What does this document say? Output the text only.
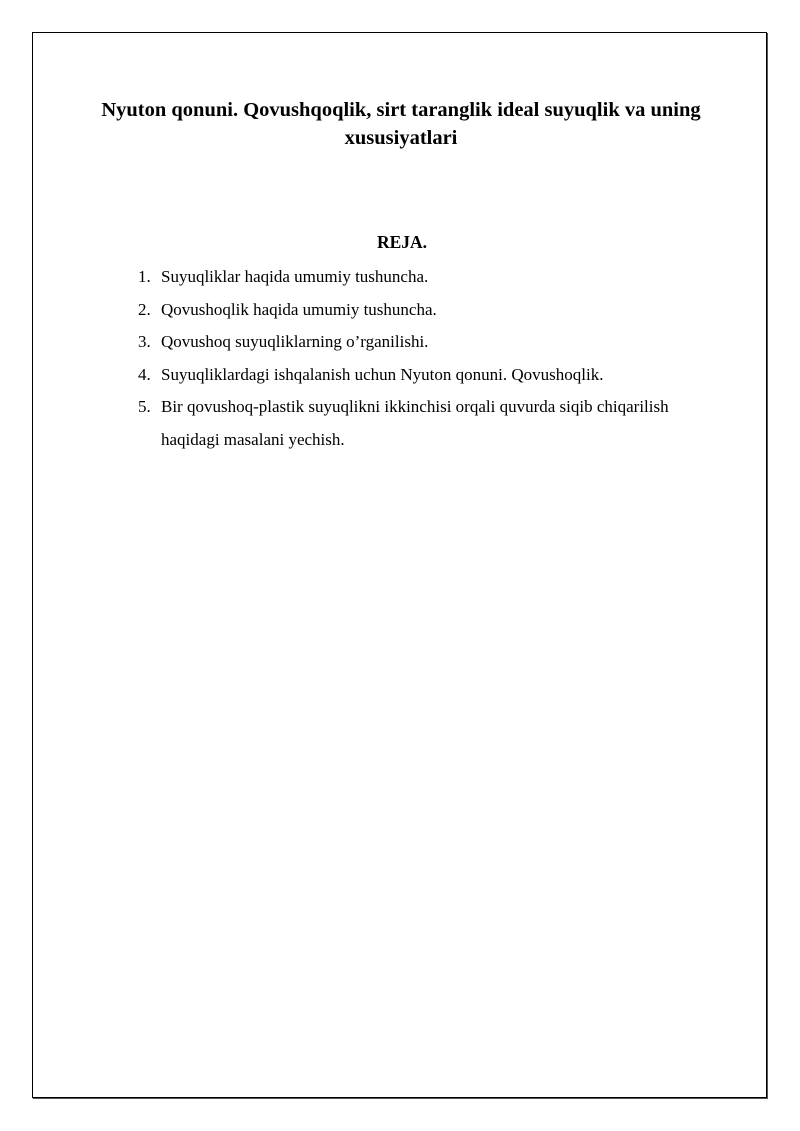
Nyuton qonuni. Qovushqoqlik, sirt taranglik ideal suyuqlik va uning xususiyatlari
REJA.
1. Suyuqliklar haqida umumiy tushuncha.
2. Qovushoqlik haqida umumiy tushuncha.
3. Qovushoq suyuqliklarning o’rganilishi.
4. Suyuqliklardagi ishqalanish uchun Nyuton qonuni. Qovushoqlik.
5. Bir qovushoq-plastik suyuqlikni ikkinchisi orqali quvurda siqib chiqarilish haqidagi masalani yechish.
